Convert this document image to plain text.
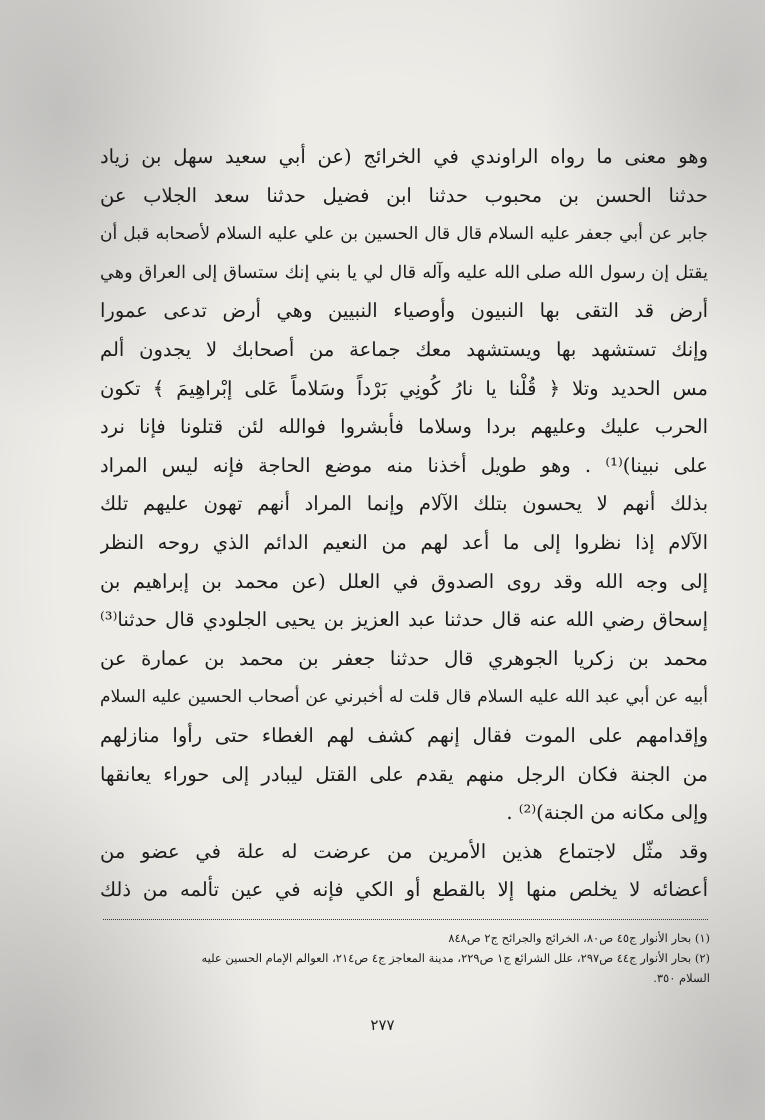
وهو معنى ما رواه الراوندي في الخرائج (عن أبي سعيد سهل بن زياد
حدثنا الحسن بن محبوب حدثنا ابن فضيل حدثنا سعد الجلاب عن
جابر عن أبي جعفر عليه السلام قال قال الحسين بن علي عليه السلام لأصحابه قبل أن
يقتل إن رسول الله صلى الله عليه وآله قال لي يا بني إنك ستساق إلى العراق وهي
أرض قد التقى بها النبيون وأوصياء النبيين وهي أرض تدعى عمورا
وإنك تستشهد بها ويستشهد معك جماعة من أصحابك لا يجدون ألم
مس الحديد وتلا ﴿ قُلْنا يا نارُ كُونِي بَرْداً وسَلاماً عَلى إبْراهِيمَ ﴾ تكون
الحرب عليك وعليهم بردا وسلاما فأبشروا فوالله لئن قتلونا فإنا نرد
على نبينا)⁽¹⁾ . وهو طويل أخذنا منه موضع الحاجة فإنه ليس المراد
بذلك أنهم لا يحسون بتلك الآلام وإنما المراد أنهم تهون عليهم تلك
الآلام إذا نظروا إلى ما أعد لهم من النعيم الدائم الذي روحه النظر
إلى وجه الله وقد روى الصدوق في العلل (عن محمد بن إبراهيم بن
إسحاق رضي الله عنه قال حدثنا عبد العزيز بن يحيى الجلودي قال حدثنا⁽³⁾
محمد بن زكريا الجوهري قال حدثنا جعفر بن محمد بن عمارة عن
أبيه عن أبي عبد الله عليه السلام قال قلت له أخبرني عن أصحاب الحسين عليه السلام
وإقدامهم على الموت فقال إنهم كشف لهم الغطاء حتى رأوا منازلهم
من الجنة فكان الرجل منهم يقدم على القتل ليبادر إلى حوراء يعانقها
وإلى مكانه من الجنة)⁽²⁾ .
وقد مثّل لاجتماع هذين الأمرين من عرضت له علة في عضو من
أعضائه لا يخلص منها إلا بالقطع أو الكي فإنه في عين تألمه من ذلك
(١) بحار الأنوار ج٤٥ ص٨٠، الخرائج والجرائح ج٢ ص٨٤٨
(٢) بحار الأنوار ج٤٤ ص٢٩٧، علل الشرائع ج١ ص٢٢٩، مدينة المعاجز ج٤ ص٢١٤، العوالم الإمام الحسين عليه
السلام ٣٥٠.
٢٧٧
